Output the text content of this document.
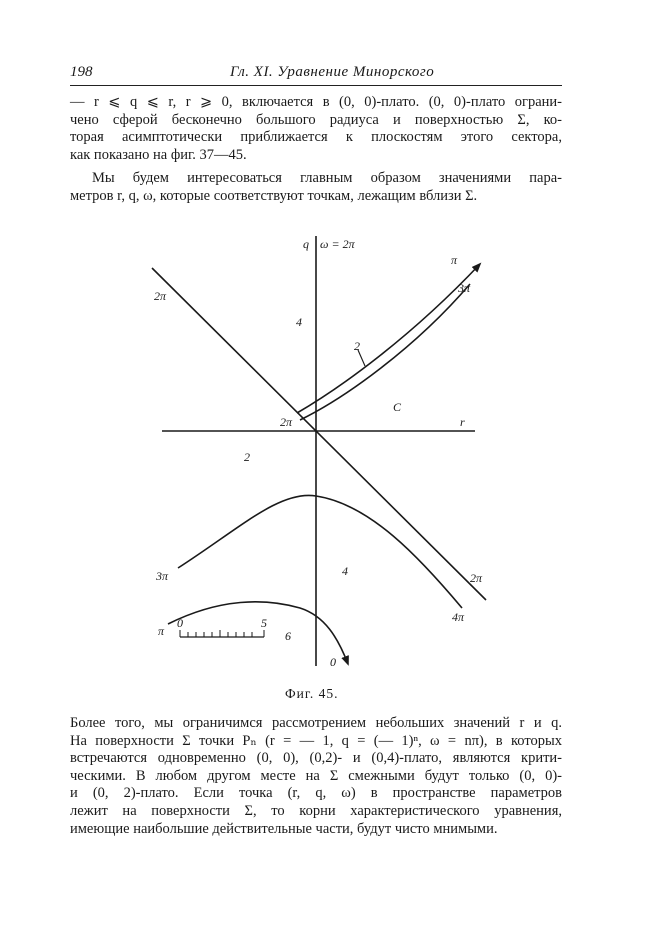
198	Гл. XI. Уравнение Минорского
— r ⩽ q ⩽ r, r ⩾ 0, включается в (0, 0)-плато. (0, 0)-плато ограни-
чено сферой бесконечно большого радиуса и поверхностью Σ, ко-
торая асимптотически приближается к плоскостям этого сектора,
как показано на фиг. 37—45.
Мы будем интересоваться главным образом значениями пара-
метров r, q, ω, которые соответствуют точкам, лежащим вблизи Σ.
q ω = 2π
r
π
3π
2π
4
2
C
2π
2
3π	4	2π
4π
π
0	5
6
0
Фиг. 45.
Более того, мы ограничимся рассмотрением небольших значений r и q.
На поверхности Σ точки Pₙ (r = — 1, q = (— 1)ⁿ, ω = nπ), в которых
встречаются одновременно (0, 0), (0,2)- и (0,4)-плато, являются крити-
ческими. В любом другом месте на Σ смежными будут только (0, 0)-
и (0, 2)-плато. Если точка (r, q, ω) в пространстве параметров
лежит на поверхности Σ, то корни характеристического уравнения,
имеющие наибольшие действительные части, будут чисто мнимыми.
